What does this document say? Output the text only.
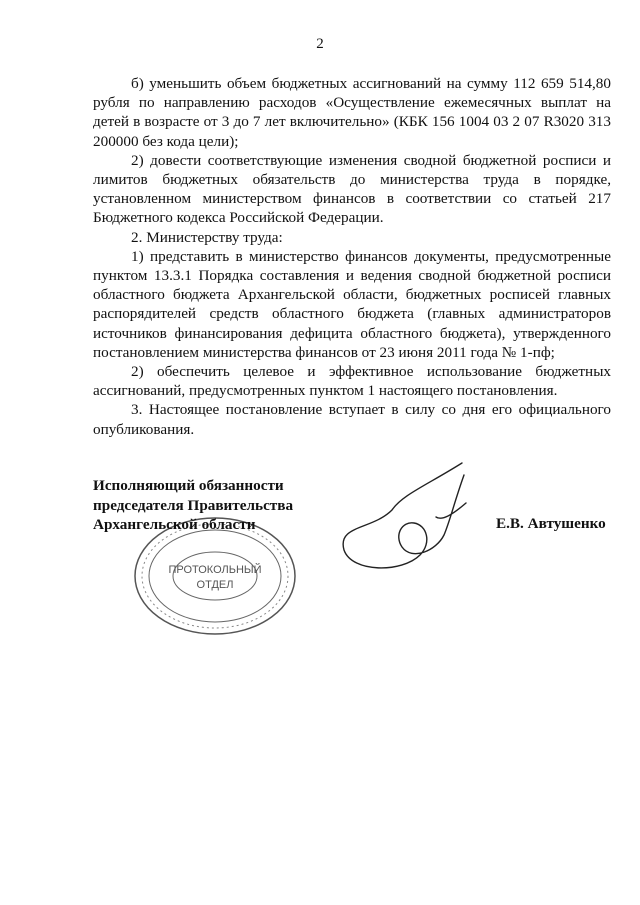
2

б) уменьшить объем бюджетных ассигнований на сумму 112 659 514,80 рубля по направлению расходов «Осуществление ежемесячных выплат на детей в возрасте от 3 до 7 лет включительно» (КБК 156 1004 03 2 07 R3020 313 200000 без кода цели);

2) довести соответствующие изменения сводной бюджетной росписи и лимитов бюджетных обязательств до министерства труда в порядке, установленном министерством финансов в соответствии со статьей 217 Бюджетного кодекса Российской Федерации.

2. Министерству труда:

1) представить в министерство финансов документы, предусмотренные пунктом 13.3.1 Порядка составления и ведения сводной бюджетной росписи областного бюджета Архангельской области, бюджетных росписей главных распорядителей средств областного бюджета (главных администраторов источников финансирования дефицита областного бюджета), утвержденного постановлением министерства финансов от 23 июня 2011 года № 1-пф;

2) обеспечить целевое и эффективное использование бюджетных ассигнований, предусмотренных пунктом 1 настоящего постановления.

3. Настоящее постановление вступает в силу со дня его официального опубликования.

ПРОТОКОЛЬНЫЙ
ОТДЕЛ
Исполняющий обязанности
председателя Правительства
Архангельской области	Е.В. Автушенко
